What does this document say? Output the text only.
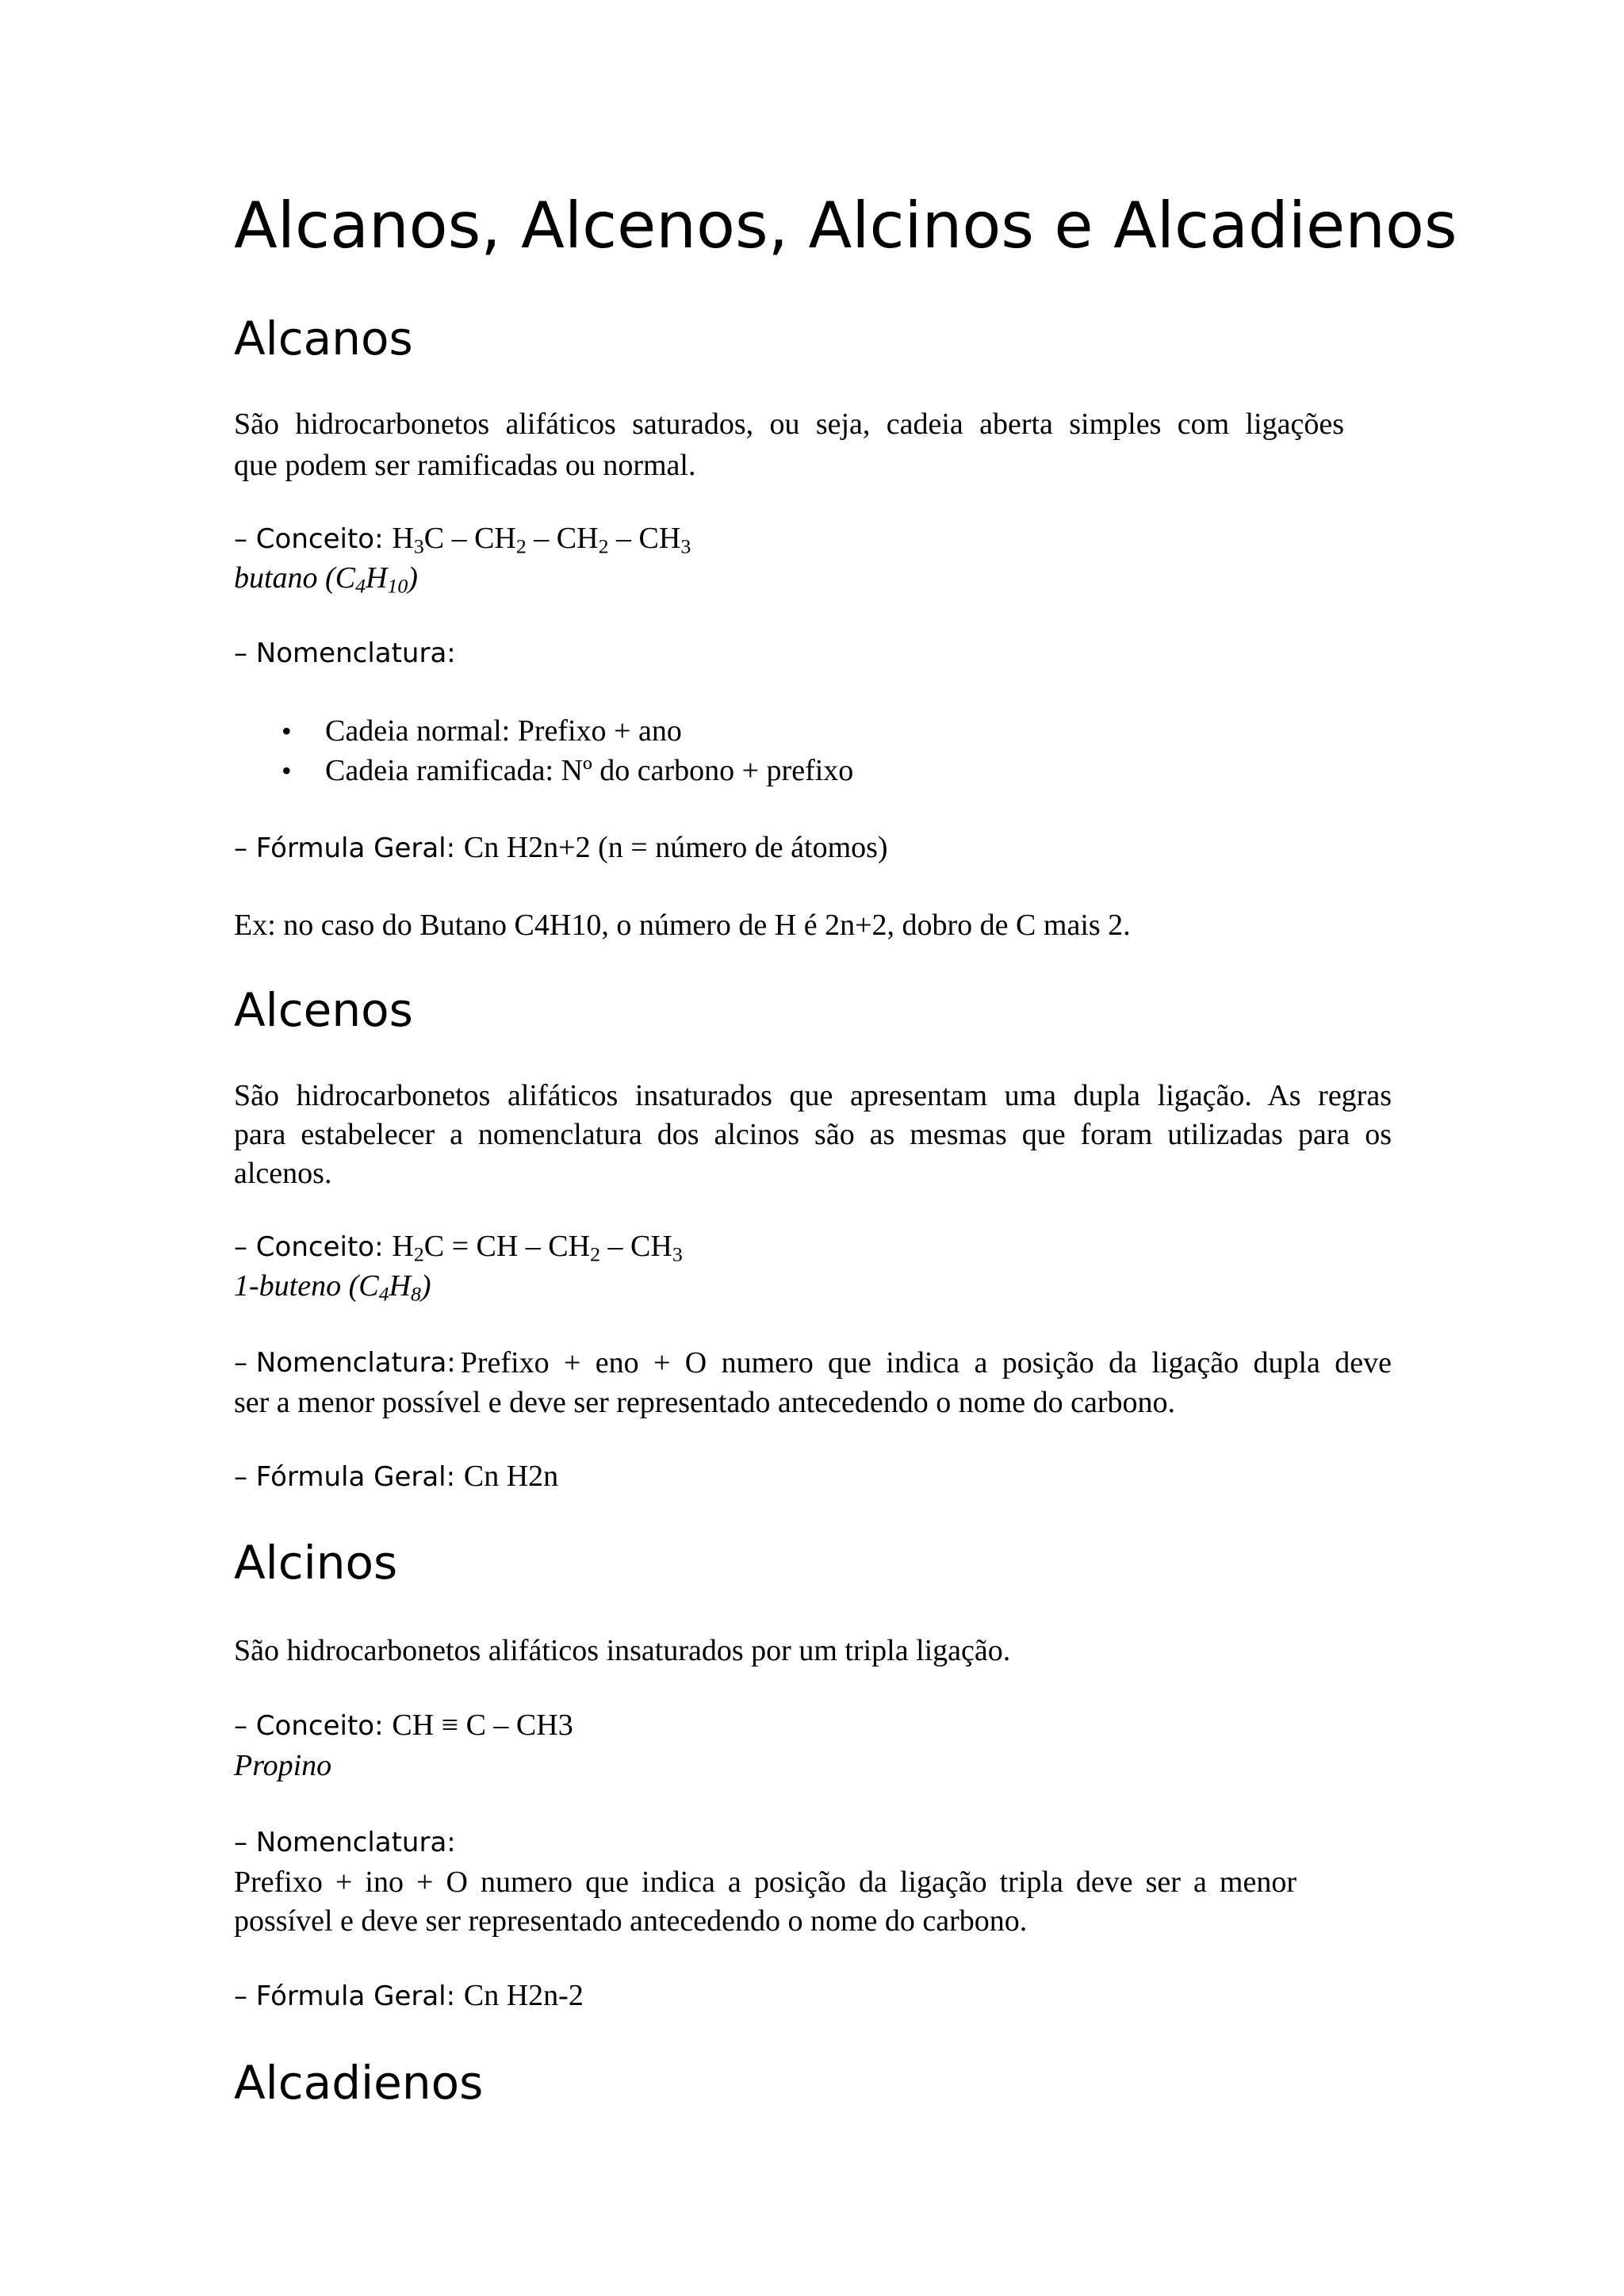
Alcanos, Alcenos, Alcinos e Alcadienos
Alcanos
São hidrocarbonetos alifáticos saturados, ou seja, cadeia aberta simples com ligações
que podem ser ramificadas ou normal.
– Conceito: $H_3C - CH_2 - CH_2 - CH_3$
butano $(C_4H_{10})$
– Nomenclatura:
• Cadeia normal: Prefixo + ano
• Cadeia ramificada: Nº do carbono + prefixo
– Fórmula Geral: Cn H2n+2 (n = número de átomos)
Ex: no caso do Butano C4H10, o número de H é 2n+2, dobro de C mais 2.
Alcenos
São hidrocarbonetos alifáticos insaturados que apresentam uma dupla ligação. As regras
para estabelecer a nomenclatura dos alcinos são as mesmas que foram utilizadas para os
alcenos.
– Conceito: $H_2C$ = CH – $CH_2 - CH_3$
1-buteno $(C_4H_8)$
– Nomenclatura: Prefixo + eno + O numero que indica a posição da ligação dupla deve
ser a menor possível e deve ser representado antecedendo o nome do carbono.
– Fórmula Geral: Cn H2n
Alcinos
São hidrocarbonetos alifáticos insaturados por um tripla ligação.
– Conceito: CH ≡ C – CH3
Propino
– Nomenclatura:
Prefixo + ino + O numero que indica a posição da ligação tripla deve ser a menor
possível e deve ser representado antecedendo o nome do carbono.
– Fórmula Geral: Cn H2n-2
Alcadienos
